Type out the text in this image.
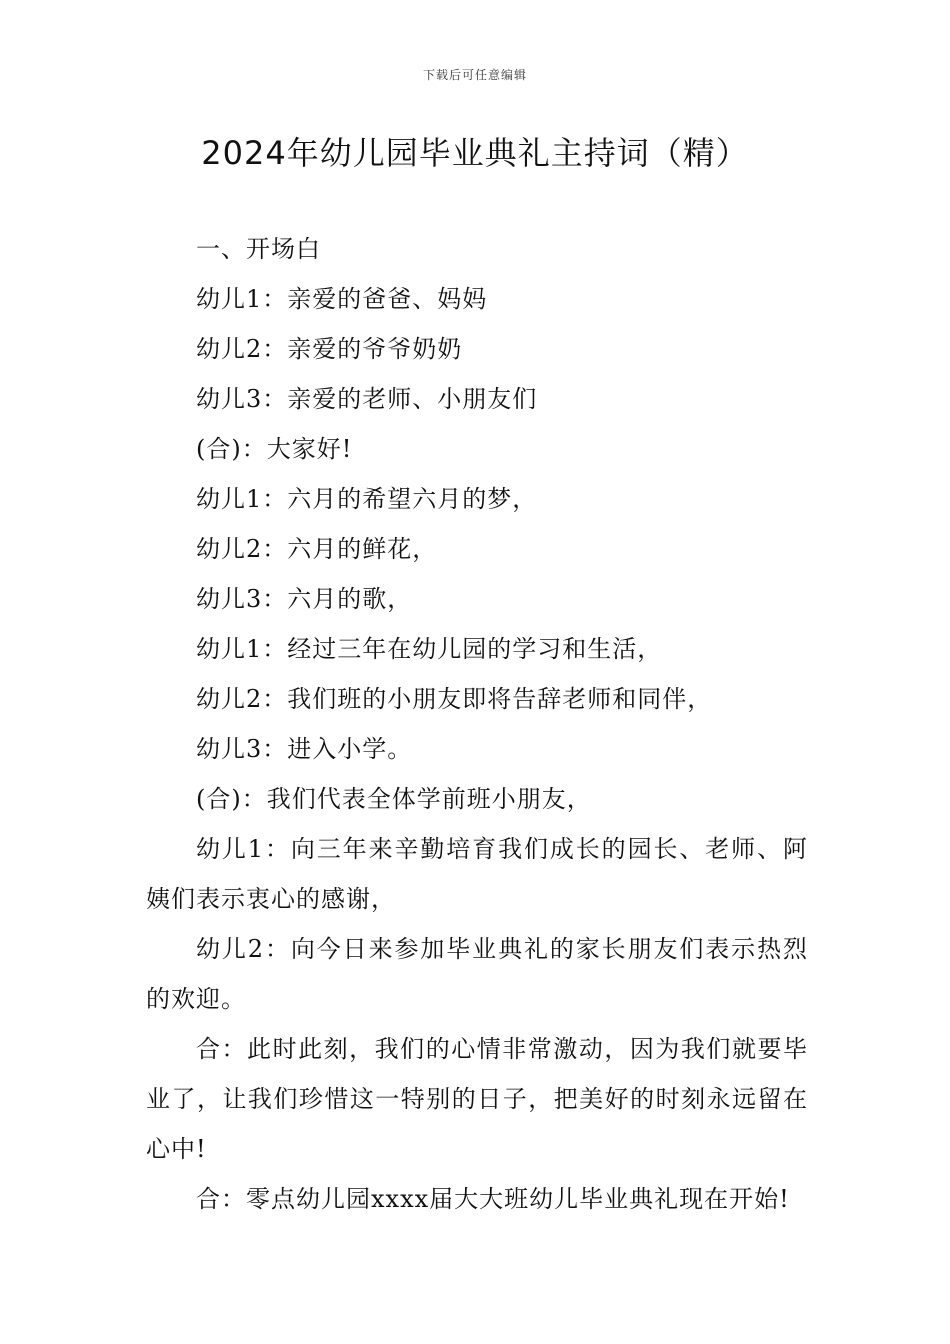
下载后可任意编辑
2024年幼儿园毕业典礼主持词（精）

一、开场白

幼儿1：亲爱的爸爸、妈妈

幼儿2：亲爱的爷爷奶奶

幼儿3：亲爱的老师、小朋友们

(合)：大家好!

幼儿1：六月的希望六月的梦，

幼儿2：六月的鲜花，

幼儿3：六月的歌，

幼儿1：经过三年在幼儿园的学习和生活，

幼儿2：我们班的小朋友即将告辞老师和同伴，

幼儿3：进入小学。

(合)：我们代表全体学前班小朋友，

幼儿1：向三年来辛勤培育我们成长的园长、老师、阿姨们表示衷心的感谢，

幼儿2：向今日来参加毕业典礼的家长朋友们表示热烈的欢迎。

合：此时此刻，我们的心情非常激动，因为我们就要毕业了，让我们珍惜这一特别的日子，把美好的时刻永远留在心中!

合：零点幼儿园xxxx届大大班幼儿毕业典礼现在开始!
